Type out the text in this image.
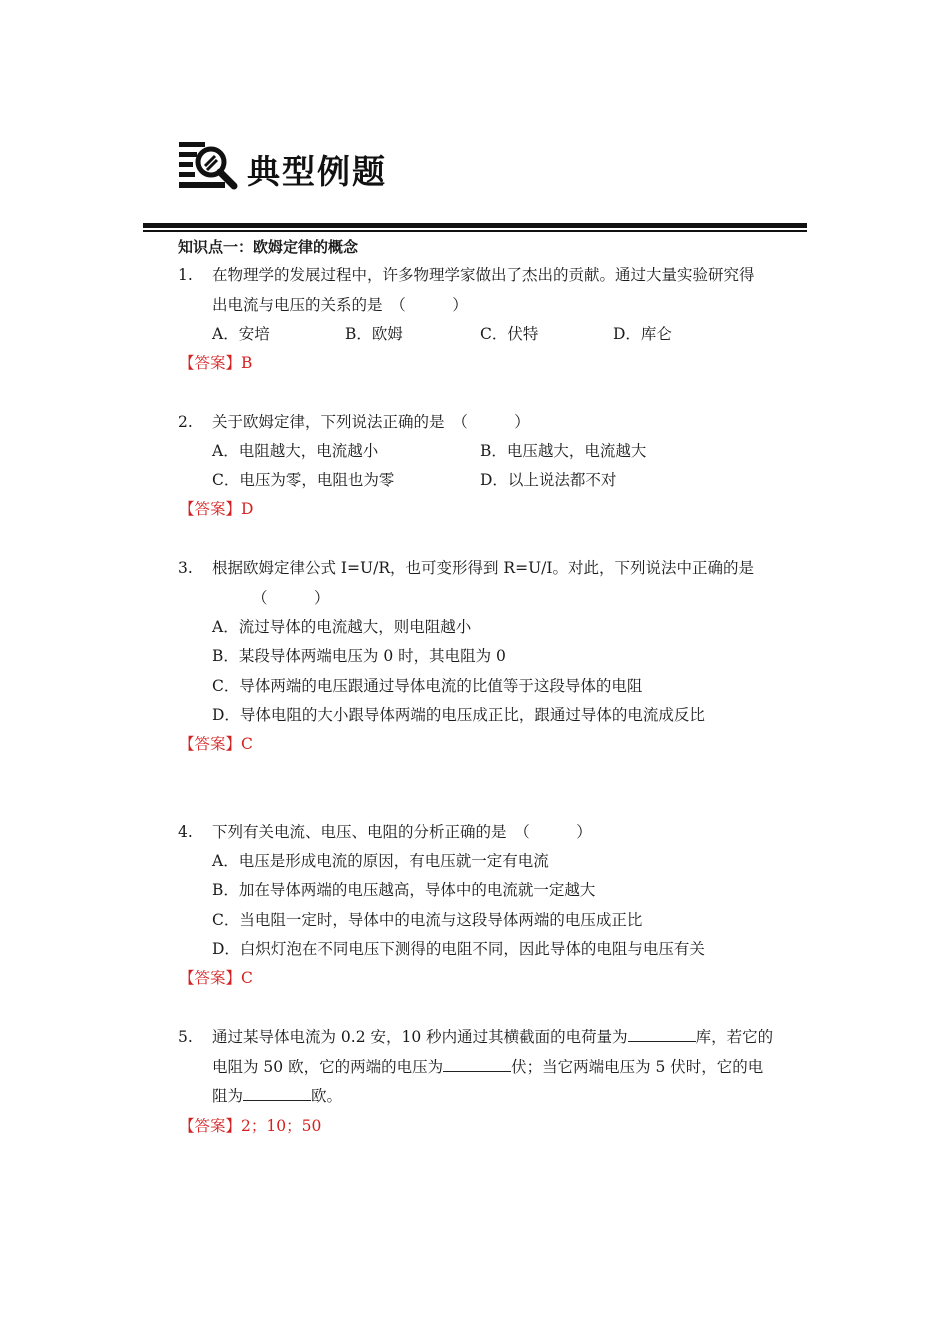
典型例题
知识点一：欧姆定律的概念
1. 在物理学的发展过程中，许多物理学家做出了杰出的贡献。通过大量实验研究得
出电流与电压的关系的是　（　　　）
A．安培	B．欧姆	C．伏特	D．库仑
【答案】B
2. 关于欧姆定律，下列说法正确的是　（　　　）
A．电阻越大，电流越小	B．电压越大，电流越大
C．电压为零，电阻也为零	D．以上说法都不对
【答案】D
3. 根据欧姆定律公式 I=U/R，也可变形得到 R=U/I。对此，下列说法中正确的是
（　　　）
A．流过导体的电流越大，则电阻越小
B．某段导体两端电压为 0 时，其电阻为 0
C．导体两端的电压跟通过导体电流的比值等于这段导体的电阻
D．导体电阻的大小跟导体两端的电压成正比，跟通过导体的电流成反比
【答案】C
4. 下列有关电流、电压、电阻的分析正确的是　（　　　）
A．电压是形成电流的原因，有电压就一定有电流
B．加在导体两端的电压越高，导体中的电流就一定越大
C．当电阻一定时，导体中的电流与这段导体两端的电压成正比
D．白炽灯泡在不同电压下测得的电阻不同，因此导体的电阻与电压有关
【答案】C
5. 通过某导体电流为 0.2 安，10 秒内通过其横截面的电荷量为	库，若它的
电阻为 50 欧，它的两端的电压为	伏；当它两端电压为 5 伏时，它的电
阻为	欧。
【答案】2；10；50
